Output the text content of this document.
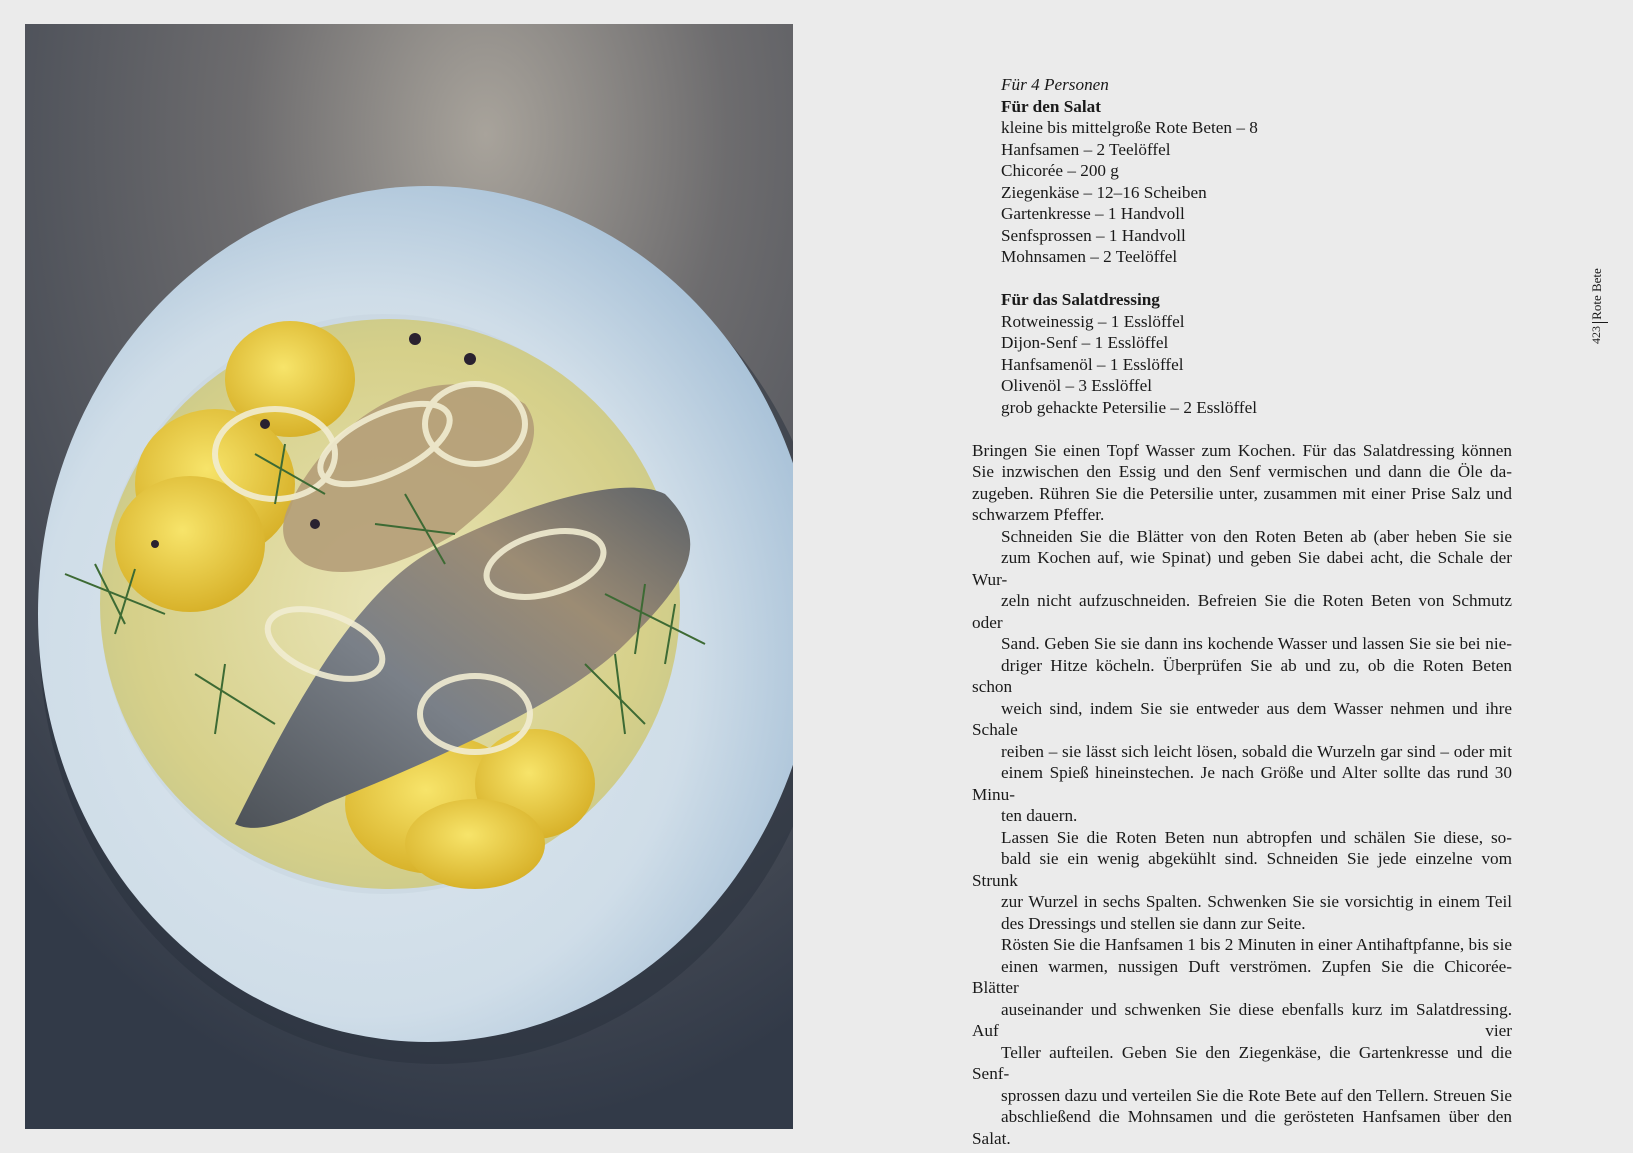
Für 4 Personen
Für den Salat
kleine bis mittelgroße Rote Beten – 8
Hanfsamen – 2 Teelöffel
Chicorée – 200 g
Ziegenkäse – 12–16 Scheiben
Gartenkresse – 1 Handvoll
Senfsprossen – 1 Handvoll
Mohnsamen – 2 Teelöffel
Für das Salatdressing
Rotweinessig – 1 Esslöffel
Dijon-Senf – 1 Esslöffel
Hanfsamenöl – 1 Esslöffel
Olivenöl – 3 Esslöffel
grob gehackte Petersilie – 2 Esslöffel

Bringen Sie einen Topf Wasser zum Kochen. Für das Salatdressing können
Sie inzwischen den Essig und den Senf vermischen und dann die Öle da-
zugeben. Rühren Sie die Petersilie unter, zusammen mit einer Prise Salz und
schwarzem Pfeffer.

Schneiden Sie die Blätter von den Roten Beten ab (aber heben Sie sie
zum Kochen auf, wie Spinat) und geben Sie dabei acht, die Schale der Wur-
zeln nicht aufzuschneiden. Befreien Sie die Roten Beten von Schmutz oder
Sand. Geben Sie sie dann ins kochende Wasser und lassen Sie sie bei nie-
driger Hitze köcheln. Überprüfen Sie ab und zu, ob die Roten Beten schon
weich sind, indem Sie sie entweder aus dem Wasser nehmen und ihre Schale
reiben – sie lässt sich leicht lösen, sobald die Wurzeln gar sind – oder mit
einem Spieß hineinstechen. Je nach Größe und Alter sollte das rund 30 Minu-
ten dauern.

Lassen Sie die Roten Beten nun abtropfen und schälen Sie diese, so-
bald sie ein wenig abgekühlt sind. Schneiden Sie jede einzelne vom Strunk
zur Wurzel in sechs Spalten. Schwenken Sie sie vorsichtig in einem Teil
des Dressings und stellen sie dann zur Seite.

Rösten Sie die Hanfsamen 1 bis 2 Minuten in einer Antihaftpfanne, bis sie
einen warmen, nussigen Duft verströmen. Zupfen Sie die Chicorée-Blätter
auseinander und schwenken Sie diese ebenfalls kurz im Salatdressing. Auf vier
Teller aufteilen. Geben Sie den Ziegenkäse, die Gartenkresse und die Senf-
sprossen dazu und verteilen Sie die Rote Bete auf den Tellern. Streuen Sie
abschließend die Mohnsamen und die gerösteten Hanfsamen über den Salat.

Rote Bete
423
